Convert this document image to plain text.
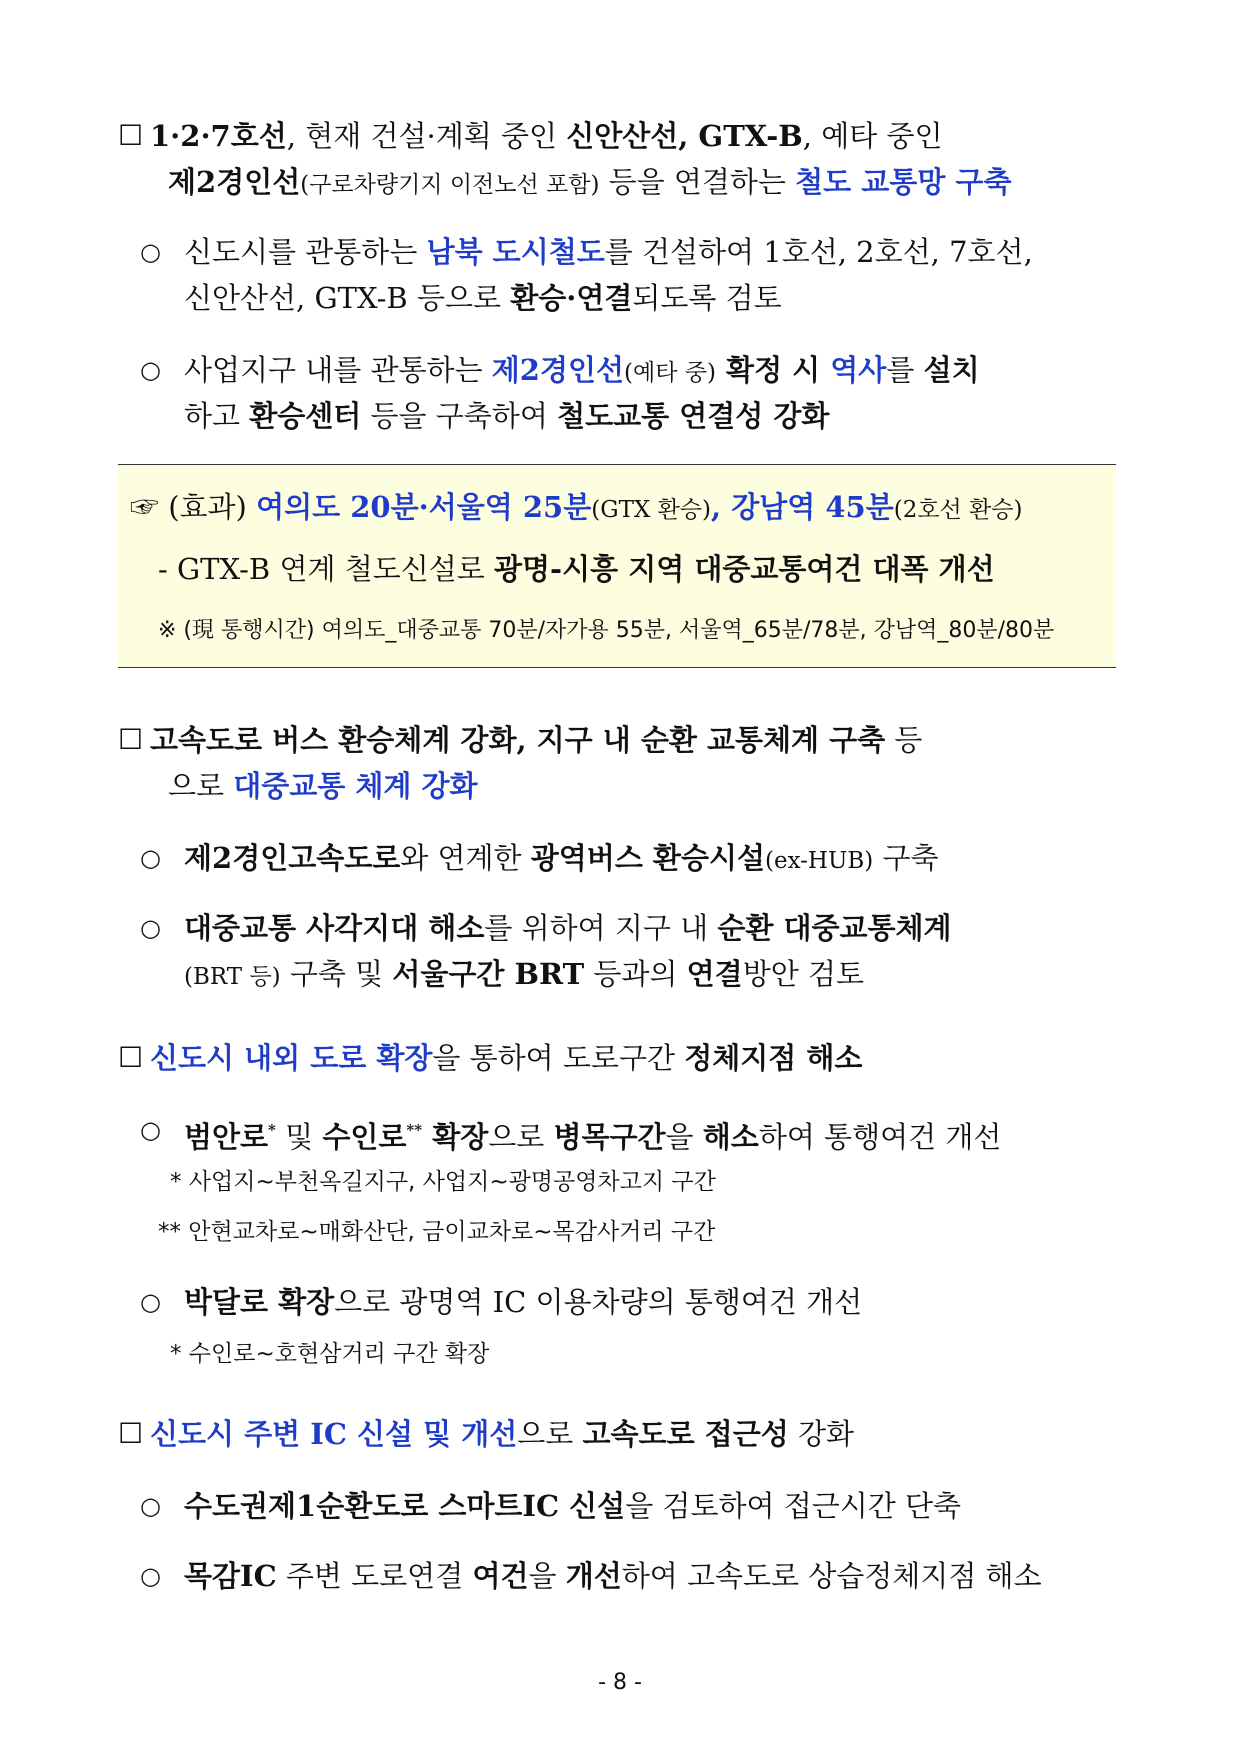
☐ 1·2·7호선, 현재 건설·계획 중인 신안산선, GTX-B, 예타 중인
제2경인선(구로차량기지 이전노선 포함) 등을 연결하는 철도 교통망 구축
○ 신도시를 관통하는 남북 도시철도를 건설하여 1호선, 2호선, 7호선,
신안산선, GTX-B 등으로 환승·연결되도록 검토
○ 사업지구 내를 관통하는 제2경인선(예타 중) 확정 시 역사를 설치
하고 환승센터 등을 구축하여 철도교통 연결성 강화
☞ (효과) 여의도 20분·서울역 25분(GTX 환승), 강남역 45분(2호선 환승)
- GTX-B 연계 철도신설로 광명-시흥 지역 대중교통여건 대폭 개선
※ (現 통행시간) 여의도_대중교통 70분/자가용 55분, 서울역_65분/78분, 강남역_80분/80분
☐ 고속도로 버스 환승체계 강화, 지구 내 순환 교통체계 구축 등
으로 대중교통 체계 강화
○ 제2경인고속도로와 연계한 광역버스 환승시설(ex-HUB) 구축
○ 대중교통 사각지대 해소를 위하여 지구 내 순환 대중교통체계
(BRT 등) 구축 및 서울구간 BRT 등과의 연결방안 검토
☐ 신도시 내외 도로 확장을 통하여 도로구간 정체지점 해소
○ 범안로* 및 수인로** 확장으로 병목구간을 해소하여 통행여건 개선
* 사업지~부천옥길지구, 사업지~광명공영차고지 구간
** 안현교차로~매화산단, 금이교차로~목감사거리 구간
○ 박달로 확장으로 광명역 IC 이용차량의 통행여건 개선
* 수인로~호현삼거리 구간 확장
☐ 신도시 주변 IC 신설 및 개선으로 고속도로 접근성 강화
○ 수도권제1순환도로 스마트IC 신설을 검토하여 접근시간 단축
○ 목감IC 주변 도로연결 여건을 개선하여 고속도로 상습정체지점 해소
- 8 -
